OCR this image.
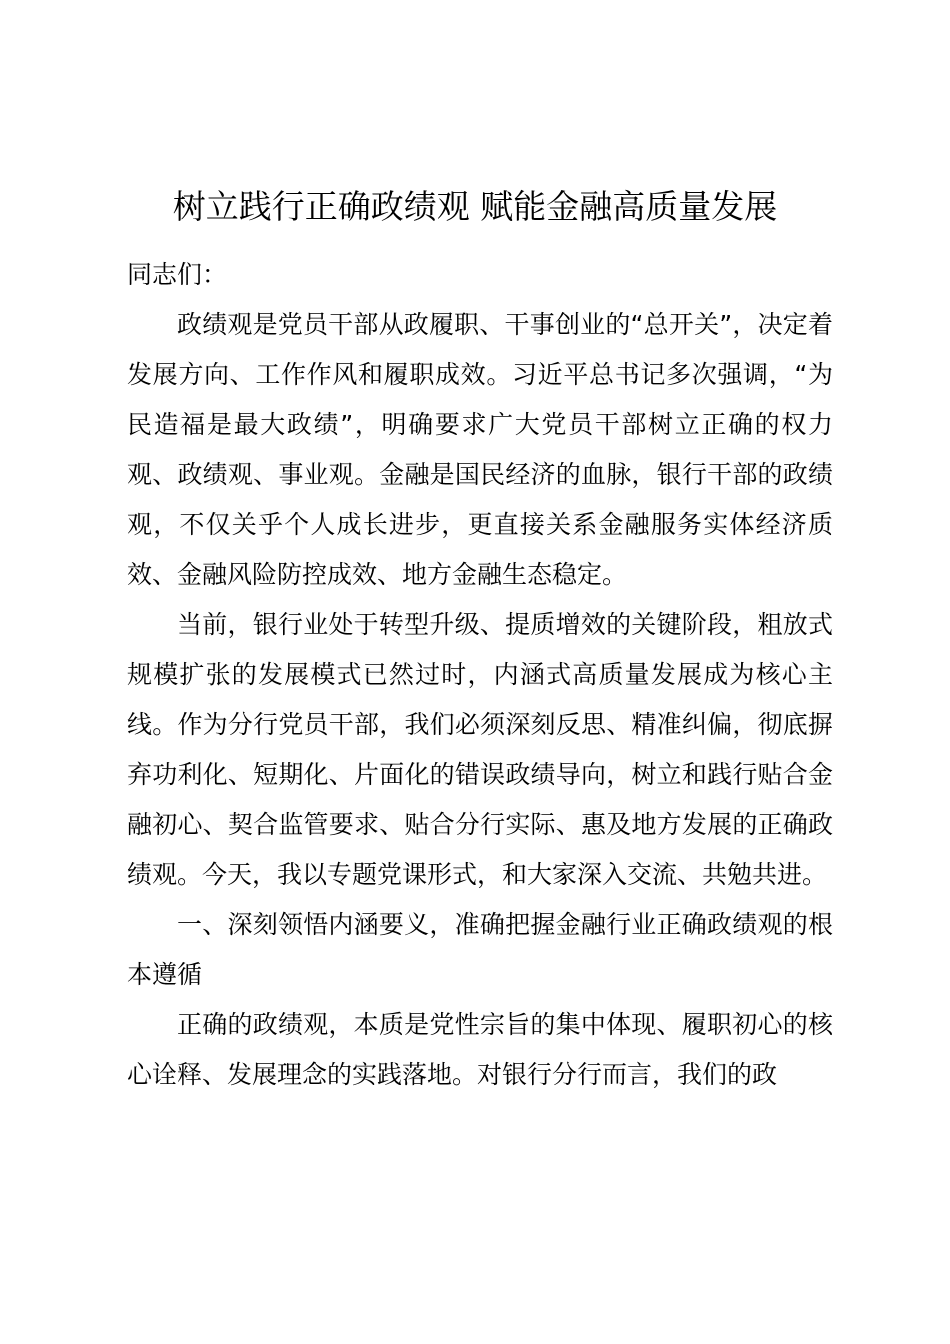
树立践行正确政绩观 赋能金融高质量发展

同志们：

政绩观是党员干部从政履职、干事创业的“总开关”，决定着发展方向、工作作风和履职成效。习近平总书记多次强调，“为民造福是最大政绩”，明确要求广大党员干部树立正确的权力观、政绩观、事业观。金融是国民经济的血脉，银行干部的政绩观，不仅关乎个人成长进步，更直接关系金融服务实体经济质效、金融风险防控成效、地方金融生态稳定。

当前，银行业处于转型升级、提质增效的关键阶段，粗放式规模扩张的发展模式已然过时，内涵式高质量发展成为核心主线。作为分行党员干部，我们必须深刻反思、精准纠偏，彻底摒弃功利化、短期化、片面化的错误政绩导向，树立和践行贴合金融初心、契合监管要求、贴合分行实际、惠及地方发展的正确政绩观。今天，我以专题党课形式，和大家深入交流、共勉共进。

一、深刻领悟内涵要义，准确把握金融行业正确政绩观的根本遵循

正确的政绩观，本质是党性宗旨的集中体现、履职初心的核心诠释、发展理念的实践落地。对银行分行而言，我们的政
